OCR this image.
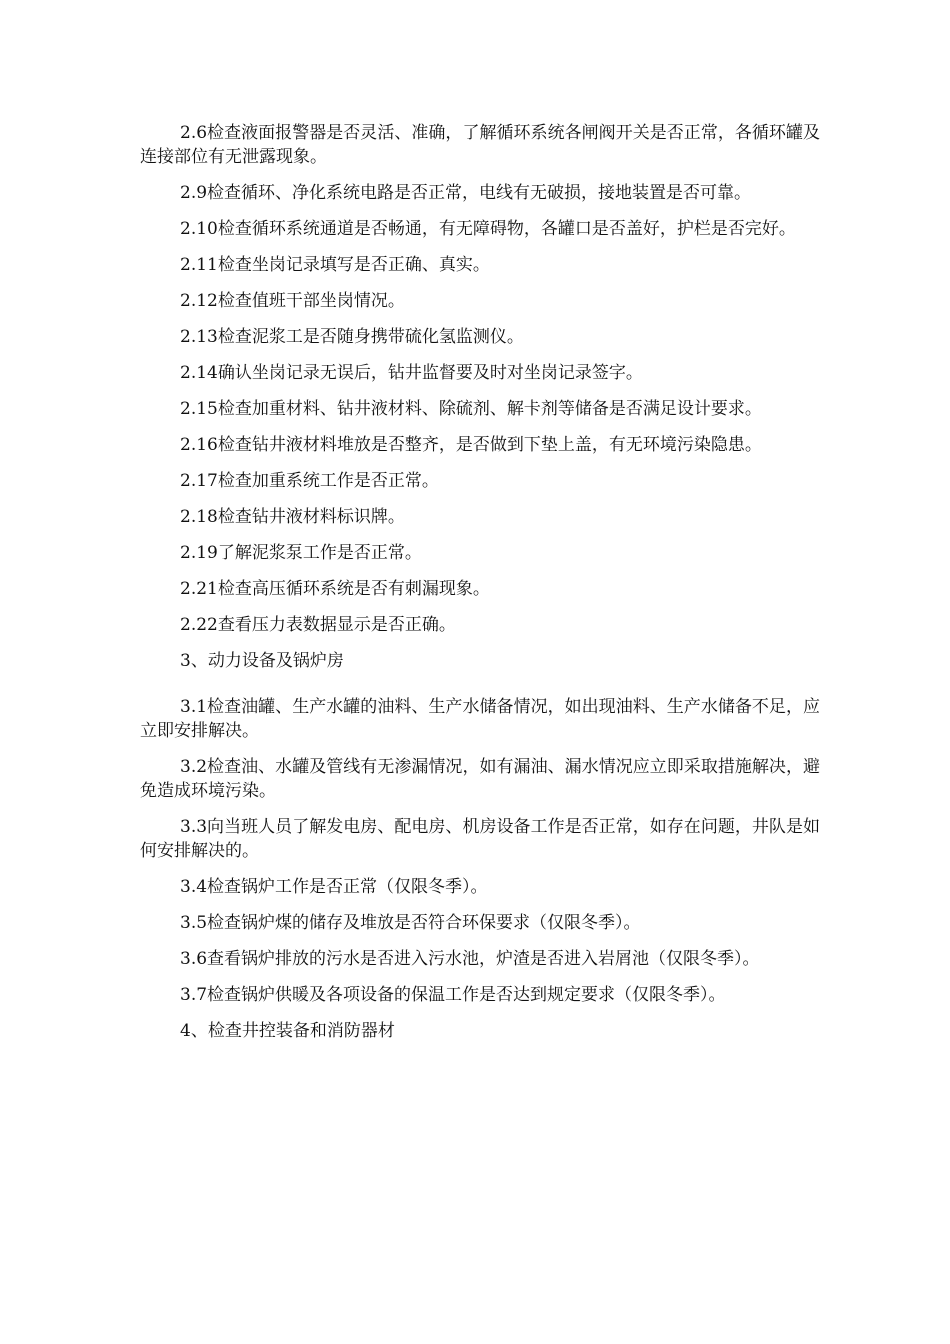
2.6检查液面报警器是否灵活、准确，了解循环系统各闸阀开关是否正常，各循环罐及连接部位有无泄露现象。

2.9检查循环、净化系统电路是否正常，电线有无破损，接地装置是否可靠。

2.10检查循环系统通道是否畅通，有无障碍物，各罐口是否盖好，护栏是否完好。

2.11检查坐岗记录填写是否正确、真实。

2.12检查值班干部坐岗情况。

2.13检查泥浆工是否随身携带硫化氢监测仪。

2.14确认坐岗记录无误后，钻井监督要及时对坐岗记录签字。

2.15检查加重材料、钻井液材料、除硫剂、解卡剂等储备是否满足设计要求。

2.16检查钻井液材料堆放是否整齐，是否做到下垫上盖，有无环境污染隐患。

2.17检查加重系统工作是否正常。

2.18检查钻井液材料标识牌。

2.19了解泥浆泵工作是否正常。

2.21检查高压循环系统是否有刺漏现象。

2.22查看压力表数据显示是否正确。

3、动力设备及锅炉房

3.1检查油罐、生产水罐的油料、生产水储备情况，如出现油料、生产水储备不足，应立即安排解决。

3.2检查油、水罐及管线有无渗漏情况，如有漏油、漏水情况应立即采取措施解决，避免造成环境污染。

3.3向当班人员了解发电房、配电房、机房设备工作是否正常，如存在问题，井队是如何安排解决的。

3.4检查锅炉工作是否正常（仅限冬季）。

3.5检查锅炉煤的储存及堆放是否符合环保要求（仅限冬季）。

3.6查看锅炉排放的污水是否进入污水池，炉渣是否进入岩屑池（仅限冬季）。

3.7检查锅炉供暖及各项设备的保温工作是否达到规定要求（仅限冬季）。

4、检查井控装备和消防器材
